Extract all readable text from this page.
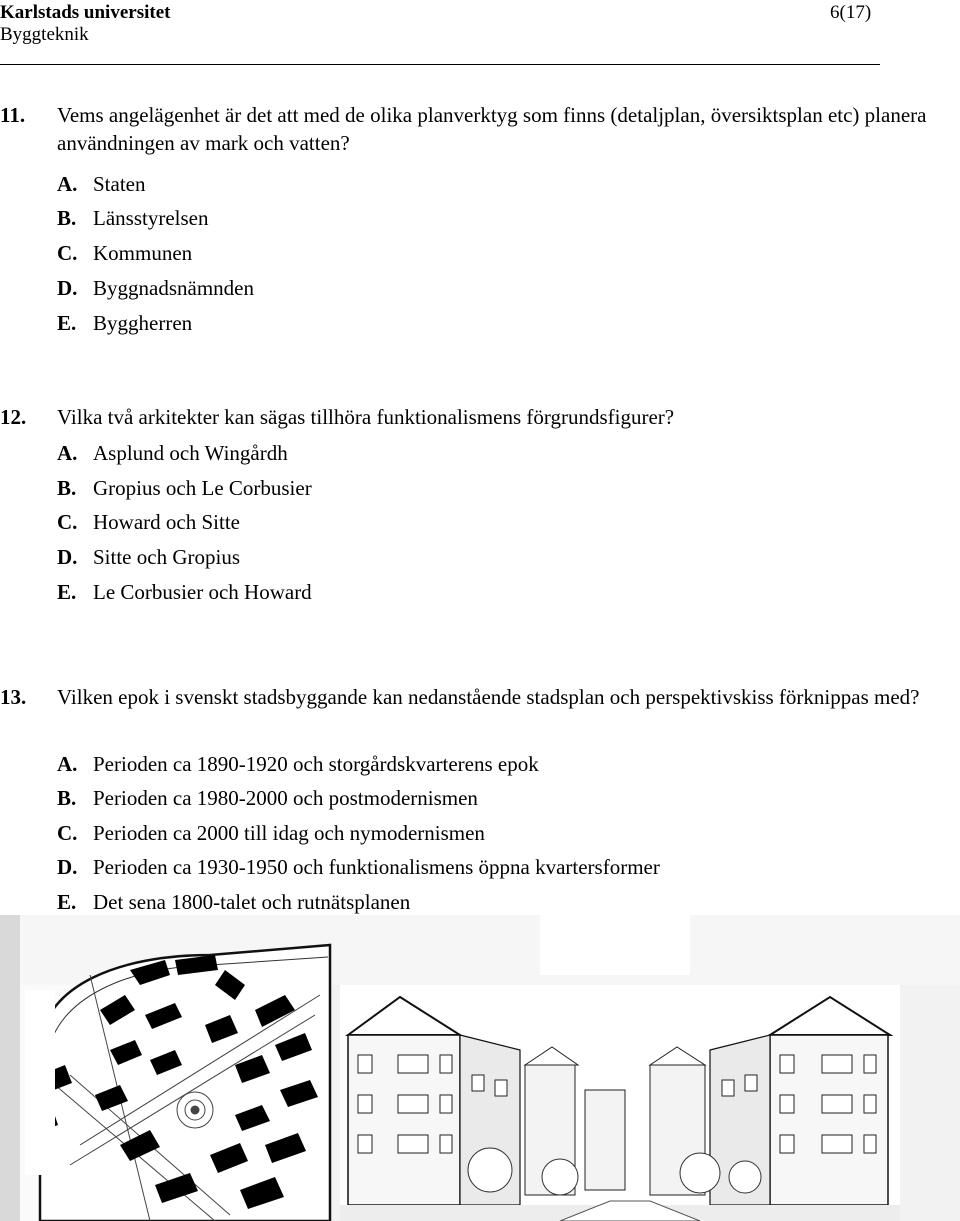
Karlstads universitet
Byggteknik
6(17)
11. Vems angelägenhet är det att med de olika planverktyg som finns (detaljplan, översiktsplan etc) planera användningen av mark och vatten?
A. Staten
B. Länsstyrelsen
C. Kommunen
D. Byggnadsnämnden
E. Byggherren
12. Vilka två arkitekter kan sägas tillhöra funktionalismens förgrundsfigurer?
A. Asplund och Wingårdh
B. Gropius och Le Corbusier
C. Howard och Sitte
D. Sitte och Gropius
E. Le Corbusier och Howard
13. Vilken epok i svenskt stadsbyggande kan nedanstående stadsplan och perspektivskiss förknippas med?
A. Perioden ca 1890-1920 och storgårdskvarterens epok
B. Perioden ca 1980-2000 och postmodernismen
C. Perioden ca 2000 till idag och nymodernismen
D. Perioden ca 1930-1950 och funktionalismens öppna kvartersformer
E. Det sena 1800-talet och rutnätsplanen
